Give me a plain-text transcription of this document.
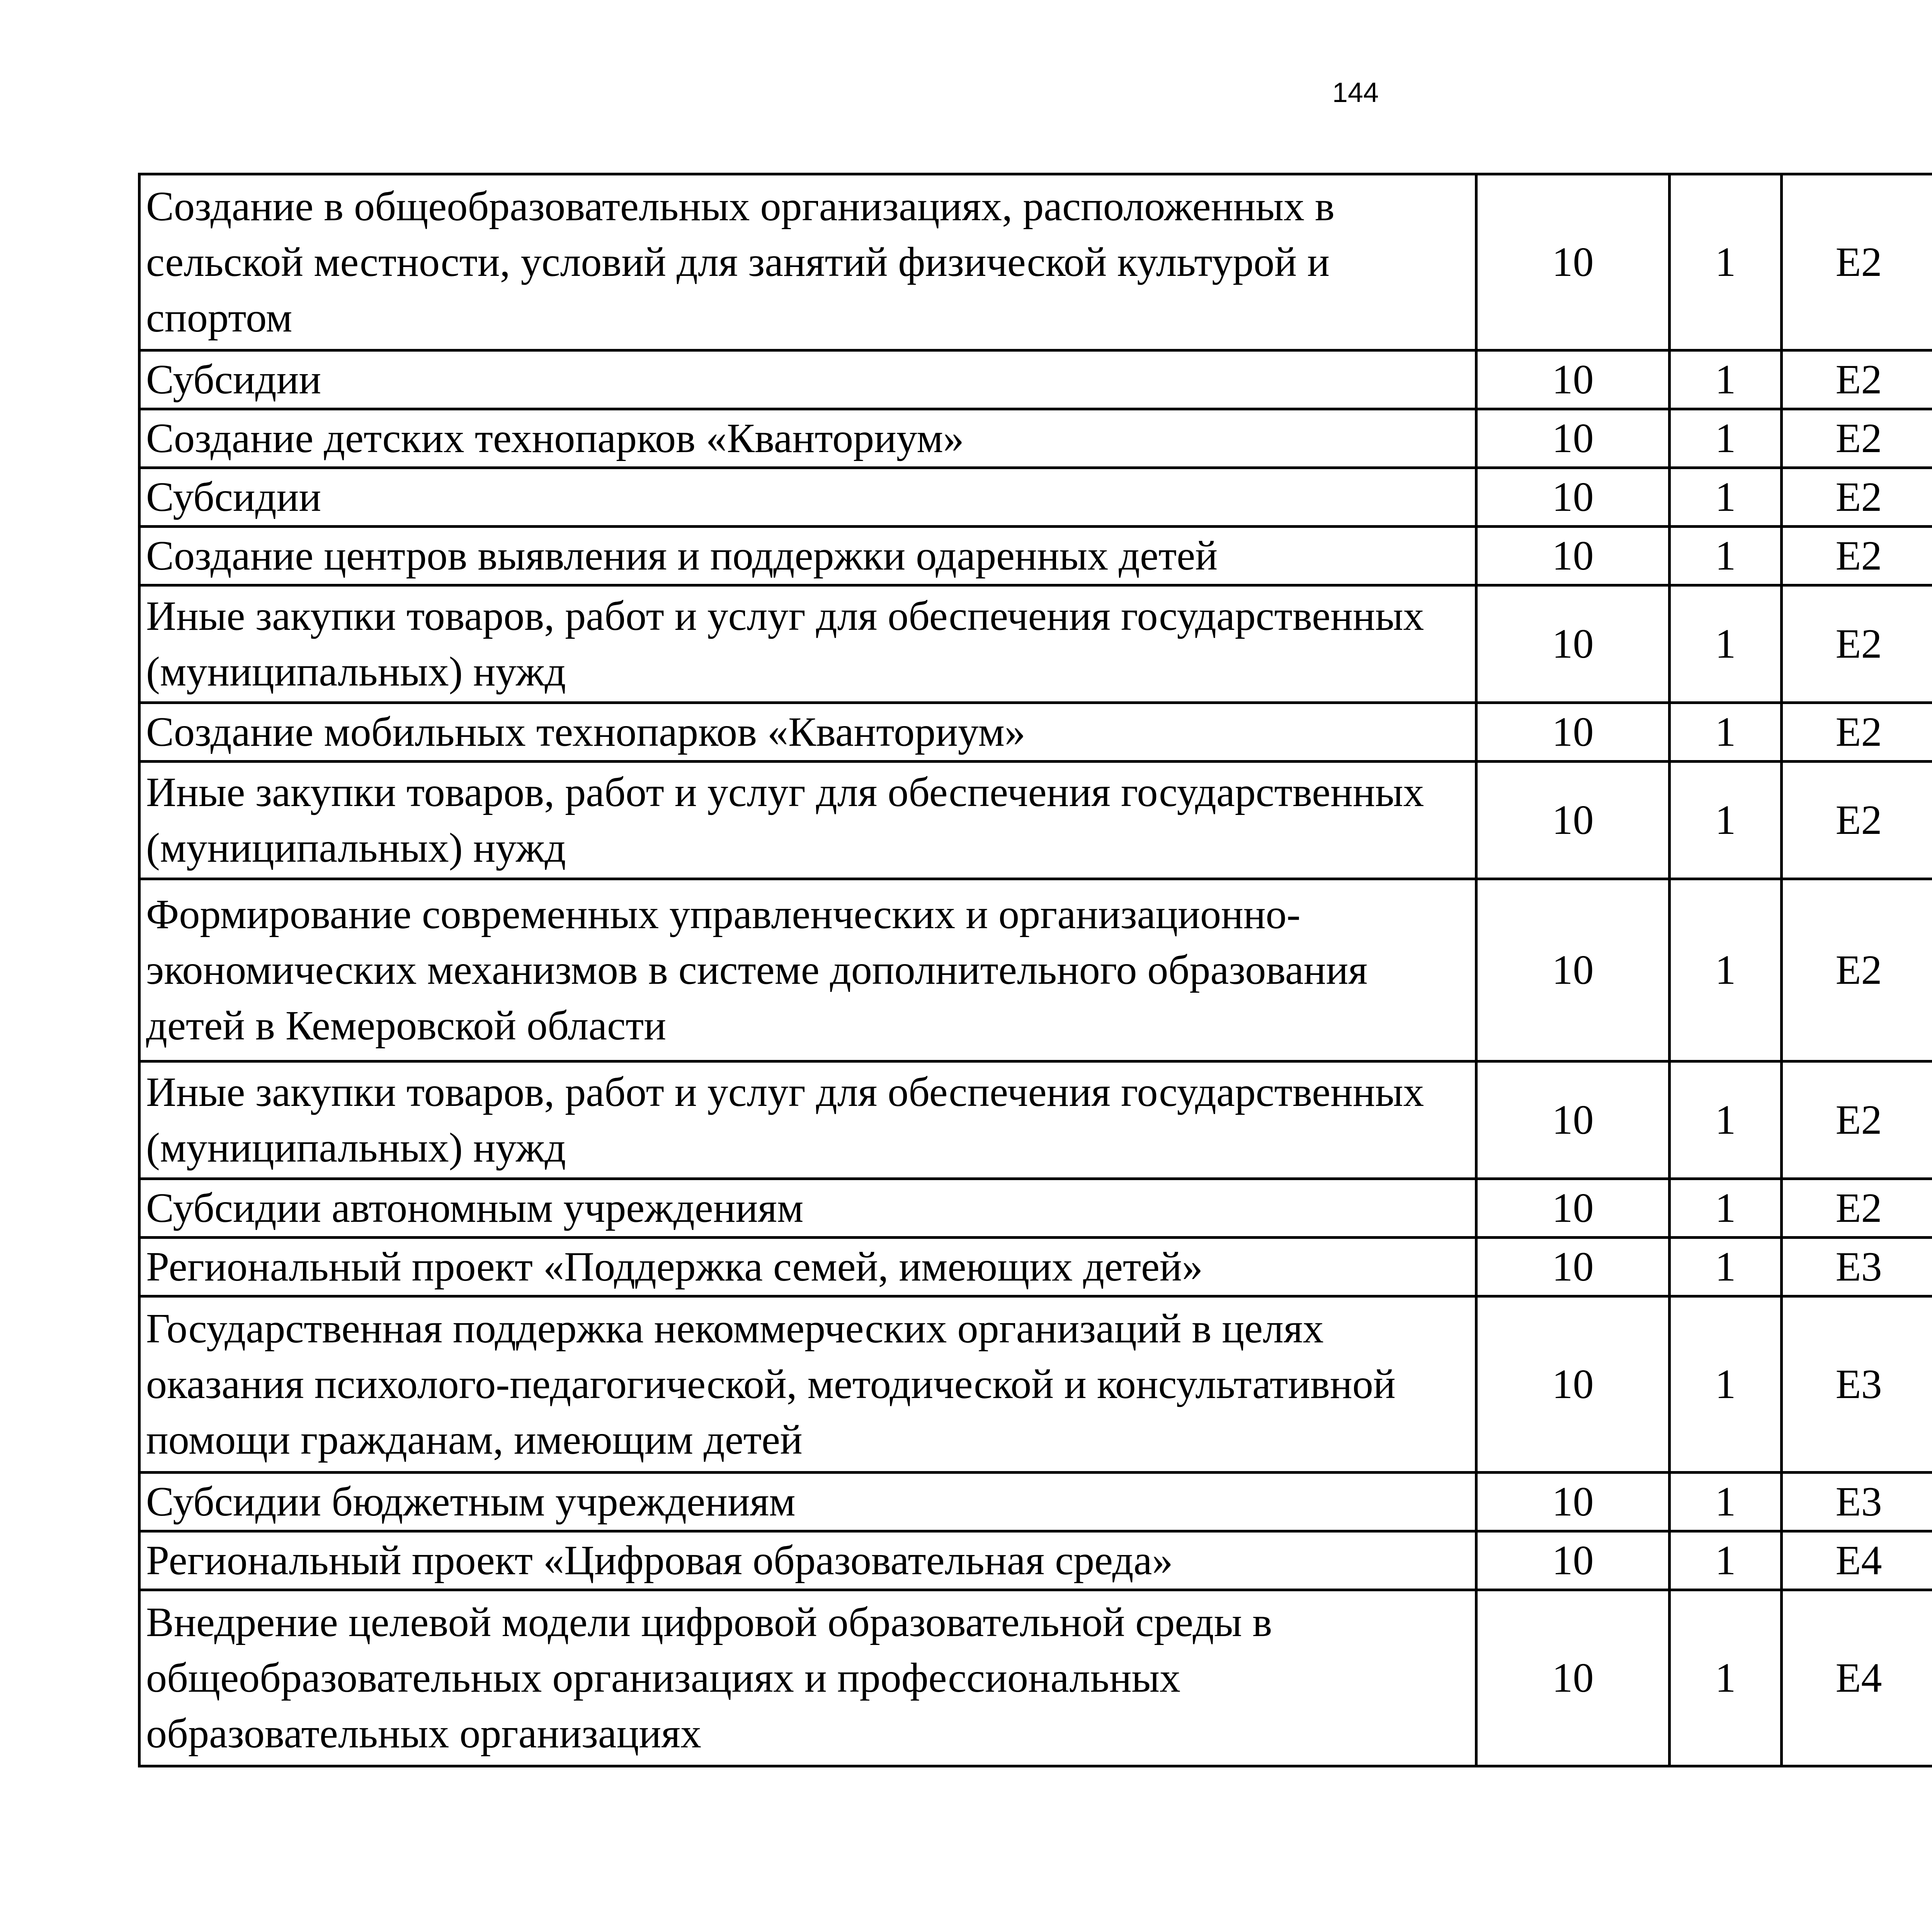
144
Создание в общеобразовательных организациях, расположенных в сельской местности, условий для занятий физической культурой и спортом	10	1	E2			
Субсидии	10	1	E2			
Создание детских технопарков «Кванториум»	10	1	E2			
Субсидии	10	1	E2			
Создание центров выявления и поддержки одаренных детей	10	1	E2			
Иные закупки товаров, работ и услуг для обеспечения государственных (муниципальных) нужд	10	1	E2			
Создание мобильных технопарков «Кванториум»	10	1	E2			
Иные закупки товаров, работ и услуг для обеспечения государственных (муниципальных) нужд	10	1	E2			
Формирование современных управленческих и организационно-экономических механизмов в системе дополнительного образования детей в Кемеровской области	10	1	E2			
Иные закупки товаров, работ и услуг для обеспечения государственных (муниципальных) нужд	10	1	E2			
Субсидии автономным учреждениям	10	1	E2			
Региональный проект «Поддержка семей, имеющих детей»	10	1	E3			
Государственная поддержка некоммерческих организаций в целях оказания психолого-педагогической, методической и консультативной помощи гражданам, имеющим детей	10	1	E3			
Субсидии бюджетным учреждениям	10	1	E3			
Региональный проект «Цифровая образовательная среда»	10	1	E4			
Внедрение целевой модели цифровой образовательной среды в общеобразовательных организациях и профессиональных образовательных организациях	10	1	E4			
